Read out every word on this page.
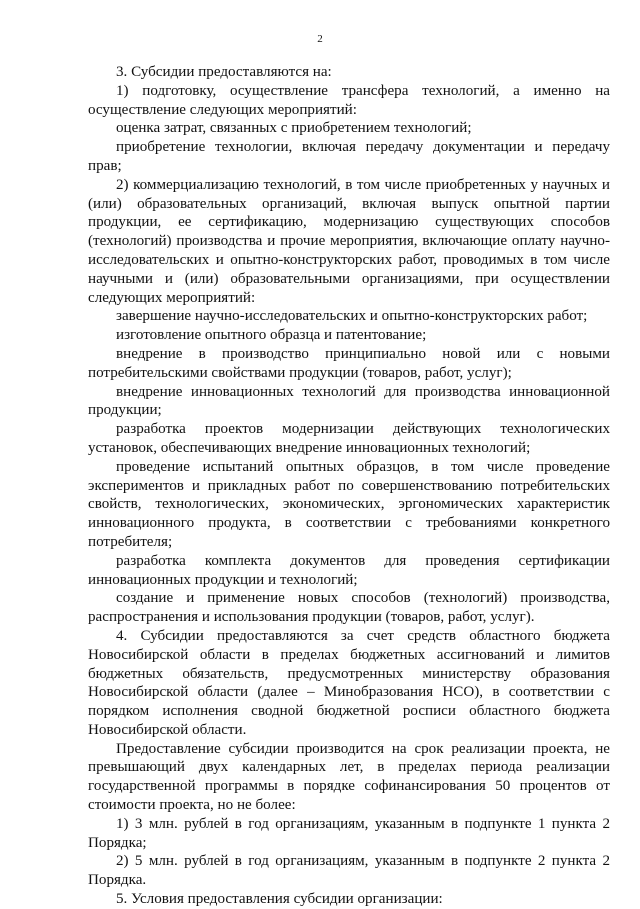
2

3. Субсидии предоставляются на:

1) подготовку, осуществление трансфера технологий, а именно на осуществление следующих мероприятий:

оценка затрат, связанных с приобретением технологий;

приобретение технологии, включая передачу документации и передачу прав;

2) коммерциализацию технологий, в том числе приобретенных у научных и (или) образовательных организаций, включая выпуск опытной партии продукции, ее сертификацию, модернизацию существующих способов (технологий) производства и прочие мероприятия, включающие оплату научно-исследовательских и опытно-конструкторских работ, проводимых в том числе научными и (или) образовательными организациями, при осуществлении следующих мероприятий:

завершение научно-исследовательских и опытно-конструкторских работ;

изготовление опытного образца и патентование;

внедрение в производство принципиально новой или с новыми потребительскими свойствами продукции (товаров, работ, услуг);

внедрение инновационных технологий для производства инновационной продукции;

разработка проектов модернизации действующих технологических установок, обеспечивающих внедрение инновационных технологий;

проведение испытаний опытных образцов, в том числе проведение экспериментов и прикладных работ по совершенствованию потребительских свойств, технологических, экономических, эргономических характеристик инновационного продукта, в соответствии с требованиями конкретного потребителя;

разработка комплекта документов для проведения сертификации инновационных продукции и технологий;

создание и применение новых способов (технологий) производства, распространения и использования продукции (товаров, работ, услуг).

4. Субсидии предоставляются за счет средств областного бюджета Новосибирской области в пределах бюджетных ассигнований и лимитов бюджетных обязательств, предусмотренных министерству образования Новосибирской области (далее – Минобразования НСО), в соответствии с порядком исполнения сводной бюджетной росписи областного бюджета Новосибирской области.

Предоставление субсидии производится на срок реализации проекта, не превышающий двух календарных лет, в пределах периода реализации государственной программы в порядке софинансирования 50 процентов от стоимости проекта, но не более:

1) 3 млн. рублей в год организациям, указанным в подпункте 1 пункта 2 Порядка;

2) 5 млн. рублей в год организациям, указанным в подпункте 2 пункта 2 Порядка.

5. Условия предоставления субсидии организации:
